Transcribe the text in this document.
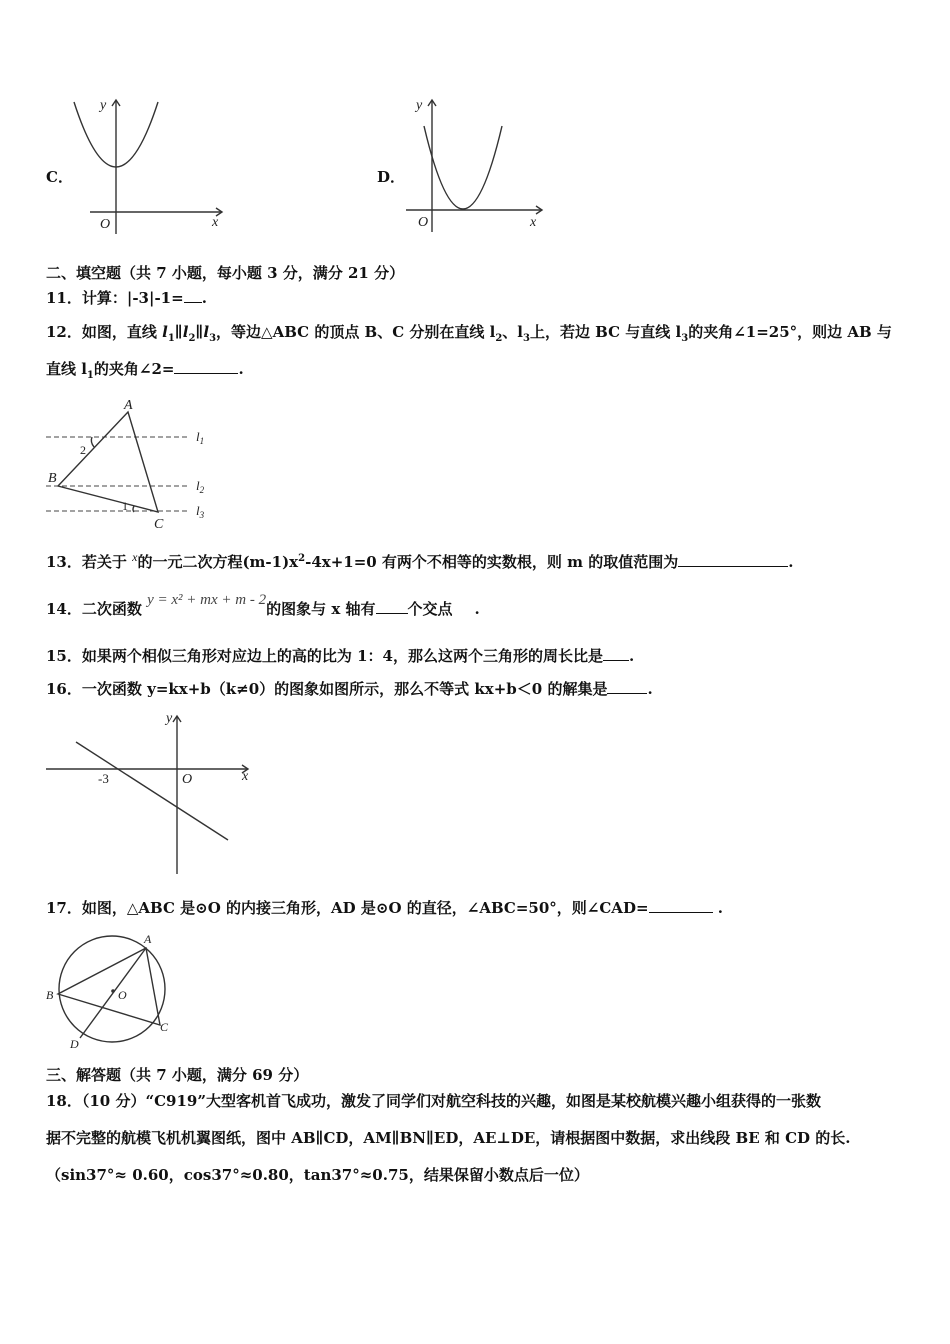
C．
y
x
O
D．
y
x
O
二、填空题（共 7 小题，每小题 3 分，满分 21 分）
11．计算：|-3|-1= .
12．如图，直线 $l_1\parallel l_2\parallel l_3$，等边△ABC 的顶点 B、C 分别在直线 $l_2$、$l_3$上，若边 BC 与直线 $l_3$的夹角∠1=25°，则边 AB 与
直线 $l_1$的夹角∠2=	.
A
B
C
2
1
$l_1$
$l_2$
$l_3$
13．若关于 $^x$的一元二次方程$(m-1)x^2-4x+1=0$ 有两个不相等的实数根，则 m 的取值范围为	.
14．二次函数 y = x² + mx + m - 2的图象与 x 轴有 个交点 .
15．如果两个相似三角形对应边上的高的比为 1：4，那么这两个三角形的周长比是 .
16．一次函数 y=kx+b（k≠0）的图象如图所示，那么不等式 kx+b＜0 的解集是	.
y
x
O
-3
17．如图，△ABC 是⊙O 的内接三角形，AD 是⊙O 的直径，∠ABC=50°，则∠CAD=	.
A
B
C
D
O
三、解答题（共 7 小题，满分 69 分）
18．（10 分）“C919”大型客机首飞成功，激发了同学们对航空科技的兴趣，如图是某校航模兴趣小组获得的一张数
据不完整的航模飞机机翼图纸，图中 AB∥CD，AM∥BN∥ED，AE⊥DE，请根据图中数据，求出线段 BE 和 CD 的长.
（sin37°≈ 0.60，cos37°≈0.80，tan37°≈0.75，结果保留小数点后一位）
